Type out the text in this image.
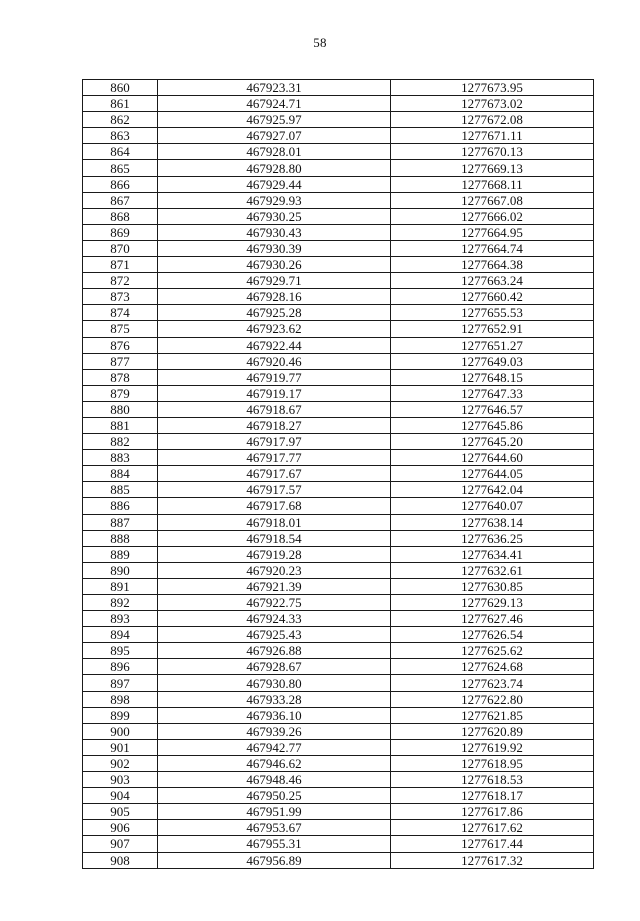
58
860	467923.31	1277673.95
861	467924.71	1277673.02
862	467925.97	1277672.08
863	467927.07	1277671.11
864	467928.01	1277670.13
865	467928.80	1277669.13
866	467929.44	1277668.11
867	467929.93	1277667.08
868	467930.25	1277666.02
869	467930.43	1277664.95
870	467930.39	1277664.74
871	467930.26	1277664.38
872	467929.71	1277663.24
873	467928.16	1277660.42
874	467925.28	1277655.53
875	467923.62	1277652.91
876	467922.44	1277651.27
877	467920.46	1277649.03
878	467919.77	1277648.15
879	467919.17	1277647.33
880	467918.67	1277646.57
881	467918.27	1277645.86
882	467917.97	1277645.20
883	467917.77	1277644.60
884	467917.67	1277644.05
885	467917.57	1277642.04
886	467917.68	1277640.07
887	467918.01	1277638.14
888	467918.54	1277636.25
889	467919.28	1277634.41
890	467920.23	1277632.61
891	467921.39	1277630.85
892	467922.75	1277629.13
893	467924.33	1277627.46
894	467925.43	1277626.54
895	467926.88	1277625.62
896	467928.67	1277624.68
897	467930.80	1277623.74
898	467933.28	1277622.80
899	467936.10	1277621.85
900	467939.26	1277620.89
901	467942.77	1277619.92
902	467946.62	1277618.95
903	467948.46	1277618.53
904	467950.25	1277618.17
905	467951.99	1277617.86
906	467953.67	1277617.62
907	467955.31	1277617.44
908	467956.89	1277617.32
